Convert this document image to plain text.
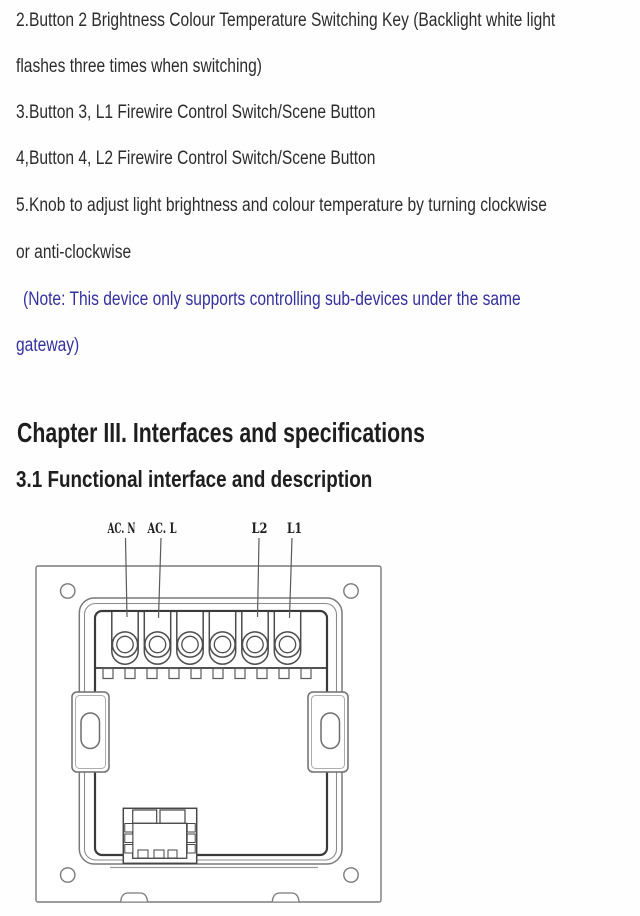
2.Button 2 Brightness Colour Temperature Switching Key (Backlight white light
flashes three times when switching)
3.Button 3, L1 Firewire Control Switch/Scene Button
4,Button 4, L2 Firewire Control Switch/Scene Button
5.Knob to adjust light brightness and colour temperature by turning clockwise
or anti-clockwise
(Note: This device only supports controlling sub-devices under the same
gateway)
Chapter III. Interfaces and specifications
3.1 Functional interface and description
AC. N AC. L	L2 L1
